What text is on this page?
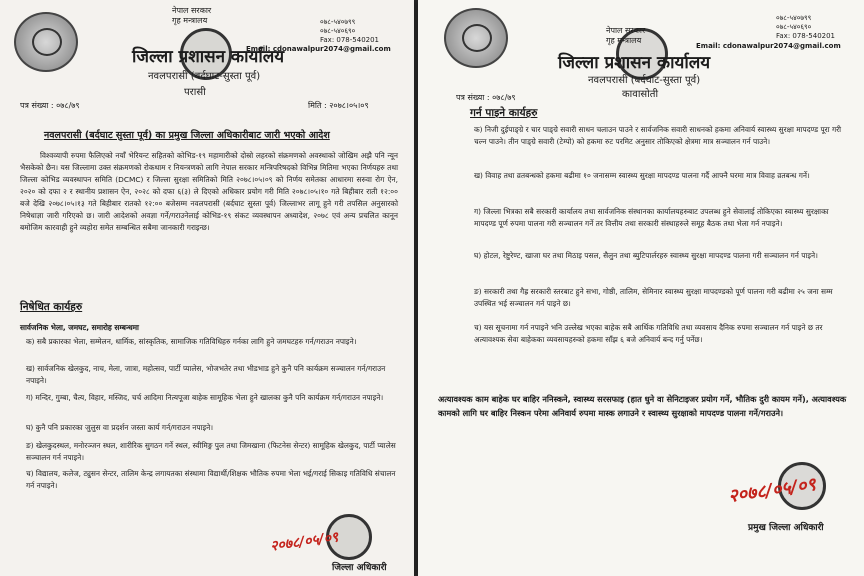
नेपाल सरकार
गृह मन्त्रालय
जिल्ला प्रशासन कार्यालय
नवलपरासी (बर्दघाट-सुस्ता पूर्व)
परासी
०७८-५४०७९९
०७८-५४०६९०
Fax: 078-540201
Email: cdonawalpur2074@gmail.com
पत्र संख्या : ०७८/७९	मिति : २०७८।०५।०९
नवलपरासी (बर्दघाट सुस्ता पूर्व) का प्रमुख जिल्ला अधिकारीबाट जारी भएको आदेश
विश्वव्यापी रुपमा फैलिएको नयाँ भेरियन्ट सहितको कोभिड-१९ महामारीको दोस्रो लहरको संक्रमणको अवस्थाको जोखिम अझै पनि न्यून भैसकेको छैन। यस जिल्लामा उक्त संक्रमणको रोकथाम र नियन्त्रणको लागि नेपाल सरकार मन्त्रिपरिषदको विभिन्न मितिमा भएका निर्णयहरु तथा जिल्ला कोभिड व्यवस्थापन समिति (DCMC) र जिल्ला सुरक्षा समितिको मिति २०७८।०५।०९ को निर्णय समेतका आधारमा सरुवा रोग ऐन, २०२० को दफा २ र स्थानीय प्रशासन ऐन, २०२८ को दफा ६(३) ले दिएको अधिकार प्रयोग गरी मिति २०७८।०५।१० गते बिहीबार राती १२:०० बजे देखि २०७८।०५।१३ गते बिहीबार रातको १२:०० बजेसम्म नवलपरासी (बर्दघाट सुस्ता पूर्व) जिल्लाभर लागू हुने गरी तपसिल अनुसारको निषेधाज्ञा जारी गरिएको छ। जारी आदेशको अवज्ञा गर्ने/गराउनेलाई कोभिड-१९ संकट व्यवस्थापन अध्यादेश, २०७८ एवं अन्य प्रचलित कानून बमोजिम कारवाही हुने व्यहोरा समेत सम्बन्धित सबैमा जानकारी गराइन्छ।
निषेधित कार्यहरु
सार्वजनिक भेला, जमघट, समारोह सम्बन्धमा
क) सबै प्रकारका भेला, सम्मेलन, धार्मिक, सांस्कृतिक, सामाजिक गतिविधिहरु गर्नका लागि हुने जमघटहरु गर्न/गराउन नपाइने।
ख) सार्वजनिक खेलकुद, नाच, मेला, जात्रा, महोत्सव, पार्टी प्यालेस, भोजभतेर तथा भीडभाड हुने कुनै पनि कार्यक्रम सञ्चालन गर्न/गराउन नपाइने।
ग) मन्दिर, गुम्बा, चैत्य, विहार, मस्जिद, चर्च आदिमा नित्यपूजा बाहेक सामूहिक भेला हुने खालका कुनै पनि कार्यक्रम गर्न/गराउन नपाइने।
घ) कुनै पनि प्रकारका जुलुस वा प्रदर्शन जस्ता कार्य गर्न/गराउन नपाइने।
ङ) खेलकुदस्थल, मनोरञ्जन स्थल, शारीरिक सुगठन गर्ने स्थल, स्वीमिङ्ग पुल तथा जिमखाना (फिटनेस सेन्टर) सामूहिक खेलकुद, पार्टी प्यालेस सञ्चालन गर्न नपाइने।
च) विद्यालय, कलेज, ट्युसन सेन्टर, तालिम केन्द्र लगायतका संस्थामा विद्यार्थी/शिक्षक भौतिक रुपमा भेला भई/गराई सिकाइ गतिविधि संचालन गर्न नपाइने।
२०७८/०५/०९
जिल्ला अधिकारी
नेपाल सरकार
गृह मन्त्रालय
जिल्ला प्रशासन कार्यालय
नवलपरासी (बर्दघाट-सुस्ता पूर्व)
कावासोती
०७८-५४०७९९
०७८-५४०६९०
Fax: 078-540201
Email: cdonawalpur2074@gmail.com
पत्र संख्या : ०७८/७९
गर्न पाइने कार्यहरु
क) निजी दुईपाङ्ग्रे र चार पाङ्ग्रे सवारी साधन चलाउन पाउने र सार्वजनिक सवारी साधनको हकमा अनिवार्य स्वास्थ्य सुरक्षा मापदण्ड पूरा गरी चल्न पाउने। तीन पाङ्ग्रे सवारी (टेम्पो) को हकमा रुट परमिट अनुसार तोकिएको क्षेत्रमा मात्र सञ्चालन गर्न पाउने।
ख) विवाह तथा व्रतबन्धको हकमा बढीमा १० जनासम्म स्वास्थ्य सुरक्षा मापदण्ड पालना गर्दै आफ्नै घरमा मात्र विवाह व्रतबन्ध गर्ने।
ग) जिल्ला भित्रका सबै सरकारी कार्यालय तथा सार्वजनिक संस्थानका कार्यालयहरुबाट उपलब्ध हुने सेवालाई तोकिएका स्वास्थ्य सुरक्षाका मापदण्ड पूर्ण रुपमा पालना गरी सञ्चालन गर्ने तर वित्तीय तथा सरकारी संस्थाहरुले समूह बैठक तथा भेला गर्न नपाइने।
घ) होटल, रेष्टुरेण्ट, खाजा घर तथा मिठाइ पसल, सैलुन तथा ब्युटिपार्लरहरु स्वास्थ्य सुरक्षा मापदण्ड पालना गरी सञ्चालन गर्न पाइने।
ङ) सरकारी तथा गैह्र सरकारी स्तरबाट हुने सभा, गोष्ठी, तालिम, सेमिनार स्वास्थ्य सुरक्षा मापदण्डको पूर्ण पालना गरी बढीमा २५ जना सम्म उपस्थित भई सञ्चालन गर्न पाइने छ।
च) यस सूचनामा गर्न नपाइने भनि उल्लेख भएका बाहेक सबै आर्थिक गतिविधि तथा व्यवसाय दैनिक रुपमा सञ्चालन गर्न पाइने छ तर अत्यावश्यक सेवा बाहेकका व्यवसायहरुको हकमा साँझ ६ बजे अनिवार्य बन्द गर्नु पर्नेछ।
अत्यावश्यक काम बाहेक घर बाहिर ननिस्कने, स्वास्थ्य सरसफाइ (हात धुने वा सेनिटाइजर प्रयोग गर्ने, भौतिक दुरी कायम गर्ने), अत्यावश्यक कामको लागि घर बाहिर निस्कन परेमा अनिवार्य रुपमा मास्क लगाउने र स्वास्थ्य सुरक्षाको मापदण्ड पालना गर्ने/गराउने।
२०७८/०५/०९
प्रमुख जिल्ला अधिकारी
